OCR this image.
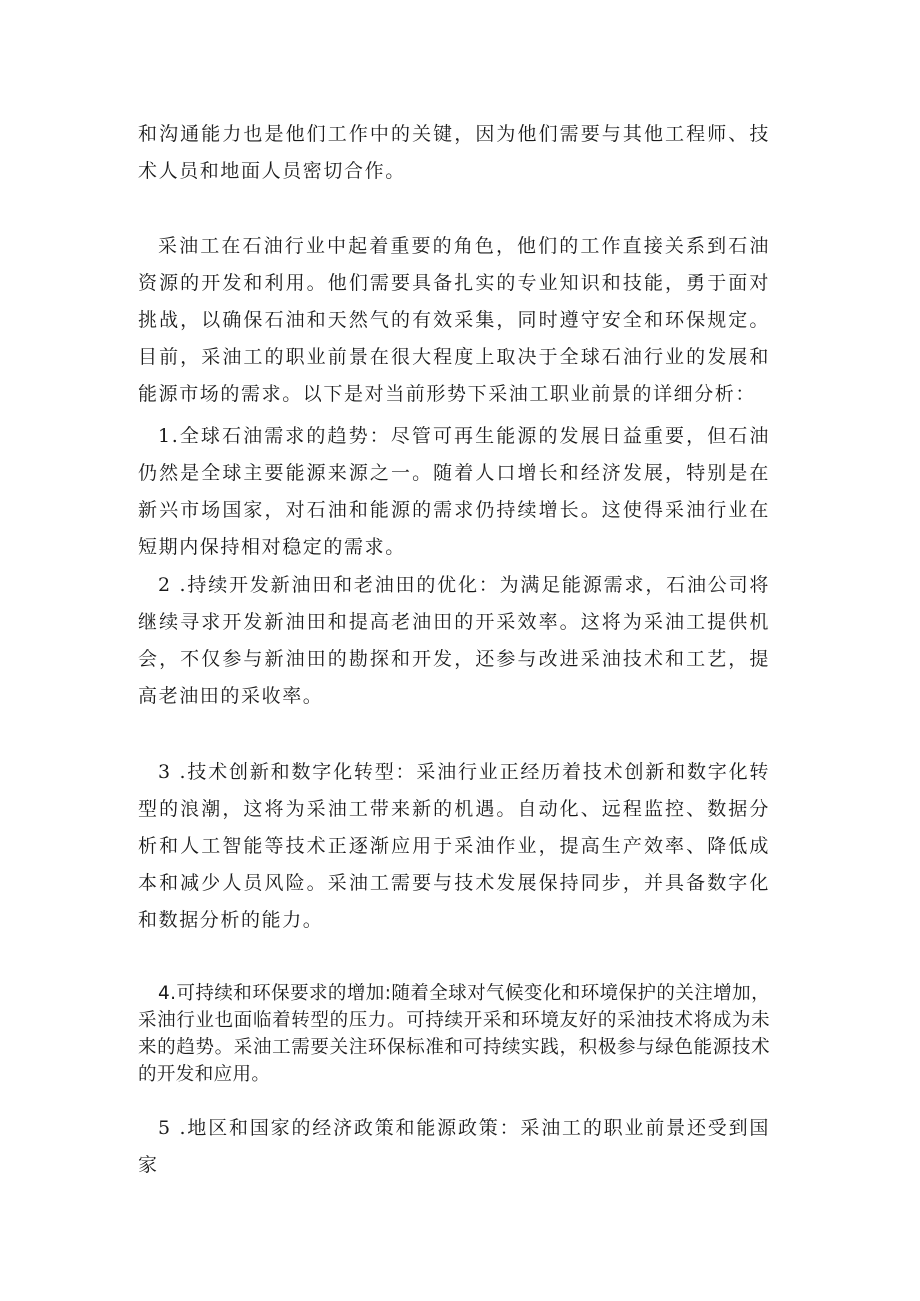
和沟通能力也是他们工作中的关键，因为他们需要与其他工程师、技术人员和地面人员密切合作。

采油工在石油行业中起着重要的角色，他们的工作直接关系到石油资源的开发和利用。他们需要具备扎实的专业知识和技能，勇于面对挑战，以确保石油和天然气的有效采集，同时遵守安全和环保规定。目前，采油工的职业前景在很大程度上取决于全球石油行业的发展和能源市场的需求。以下是对当前形势下采油工职业前景的详细分析：

1.全球石油需求的趋势：尽管可再生能源的发展日益重要，但石油仍然是全球主要能源来源之一。随着人口增长和经济发展，特别是在新兴市场国家，对石油和能源的需求仍持续增长。这使得采油行业在短期内保持相对稳定的需求。

2 .持续开发新油田和老油田的优化：为满足能源需求，石油公司将继续寻求开发新油田和提高老油田的开采效率。这将为采油工提供机会，不仅参与新油田的勘探和开发，还参与改进采油技术和工艺，提高老油田的采收率。

3 .技术创新和数字化转型：采油行业正经历着技术创新和数字化转型的浪潮，这将为采油工带来新的机遇。自动化、远程监控、数据分析和人工智能等技术正逐渐应用于采油作业，提高生产效率、降低成本和减少人员风险。采油工需要与技术发展保持同步，并具备数字化和数据分析的能力。

4.可持续和环保要求的增加:随着全球对气候变化和环境保护的关注增加，采油行业也面临着转型的压力。可持续开采和环境友好的采油技术将成为未来的趋势。采油工需要关注环保标准和可持续实践，积极参与绿色能源技术的开发和应用。

5 .地区和国家的经济政策和能源政策：采油工的职业前景还受到国家
